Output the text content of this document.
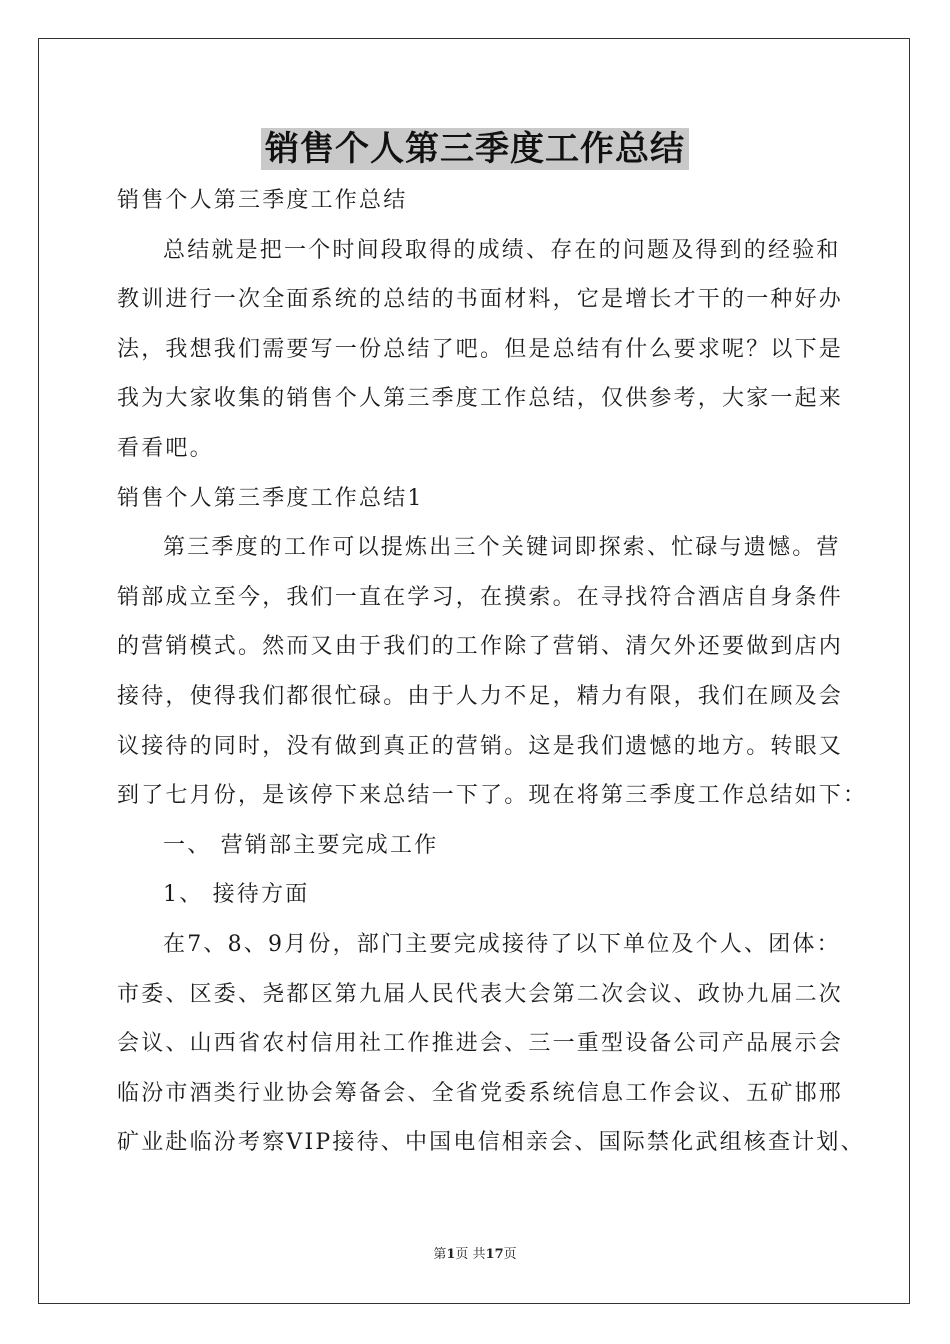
销售个人第三季度工作总结
销售个人第三季度工作总结
总结就是把一个时间段取得的成绩、存在的问题及得到的经验和
教训进行一次全面系统的总结的书面材料，它是增长才干的一种好办
法，我想我们需要写一份总结了吧。但是总结有什么要求呢？以下是
我为大家收集的销售个人第三季度工作总结，仅供参考，大家一起来
看看吧。
销售个人第三季度工作总结1
第三季度的工作可以提炼出三个关键词即探索、忙碌与遗憾。营
销部成立至今，我们一直在学习，在摸索。在寻找符合酒店自身条件
的营销模式。然而又由于我们的工作除了营销、清欠外还要做到店内
接待，使得我们都很忙碌。由于人力不足，精力有限，我们在顾及会
议接待的同时，没有做到真正的营销。这是我们遗憾的地方。转眼又
到了七月份，是该停下来总结一下了。现在将第三季度工作总结如下：
一、 营销部主要完成工作
1、 接待方面
在7、8、9月份，部门主要完成接待了以下单位及个人、团体：
市委、区委、尧都区第九届人民代表大会第二次会议、政协九届二次
会议、山西省农村信用社工作推进会、三一重型设备公司产品展示会
临汾市酒类行业协会筹备会、全省党委系统信息工作会议、五矿邯邢
矿业赴临汾考察VIP接待、中国电信相亲会、国际禁化武组核查计划、
第1页 共17页
